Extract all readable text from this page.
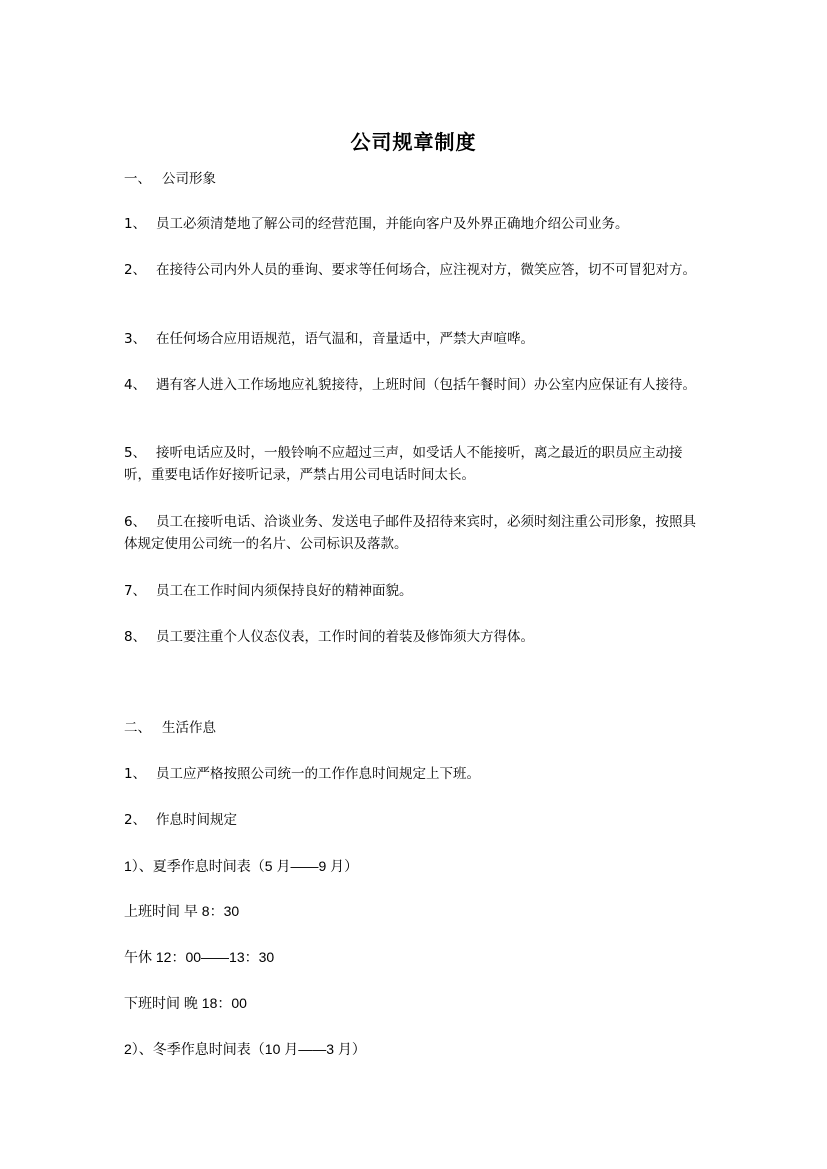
公司规章制度
一、 公司形象
1、 员工必须清楚地了解公司的经营范围，并能向客户及外界正确地介绍公司业务。
2、 在接待公司内外人员的垂询、要求等任何场合，应注视对方，微笑应答，切不可冒犯对方。
3、 在任何场合应用语规范，语气温和，音量适中，严禁大声喧哗。
4、 遇有客人进入工作场地应礼貌接待，上班时间（包括午餐时间）办公室内应保证有人接待。
5、 接听电话应及时，一般铃响不应超过三声，如受话人不能接听，离之最近的职员应主动接听，重要电话作好接听记录，严禁占用公司电话时间太长。
6、 员工在接听电话、洽谈业务、发送电子邮件及招待来宾时，必须时刻注重公司形象，按照具体规定使用公司统一的名片、公司标识及落款。
7、 员工在工作时间内须保持良好的精神面貌。
8、 员工要注重个人仪态仪表，工作时间的着装及修饰须大方得体。
二、 生活作息
1、 员工应严格按照公司统一的工作作息时间规定上下班。
2、 作息时间规定
1）、夏季作息时间表（5 月——9 月）
上班时间 早 8：30
午休 12：00——13：30
下班时间 晚 18：00
2）、冬季作息时间表（10 月——3 月）
